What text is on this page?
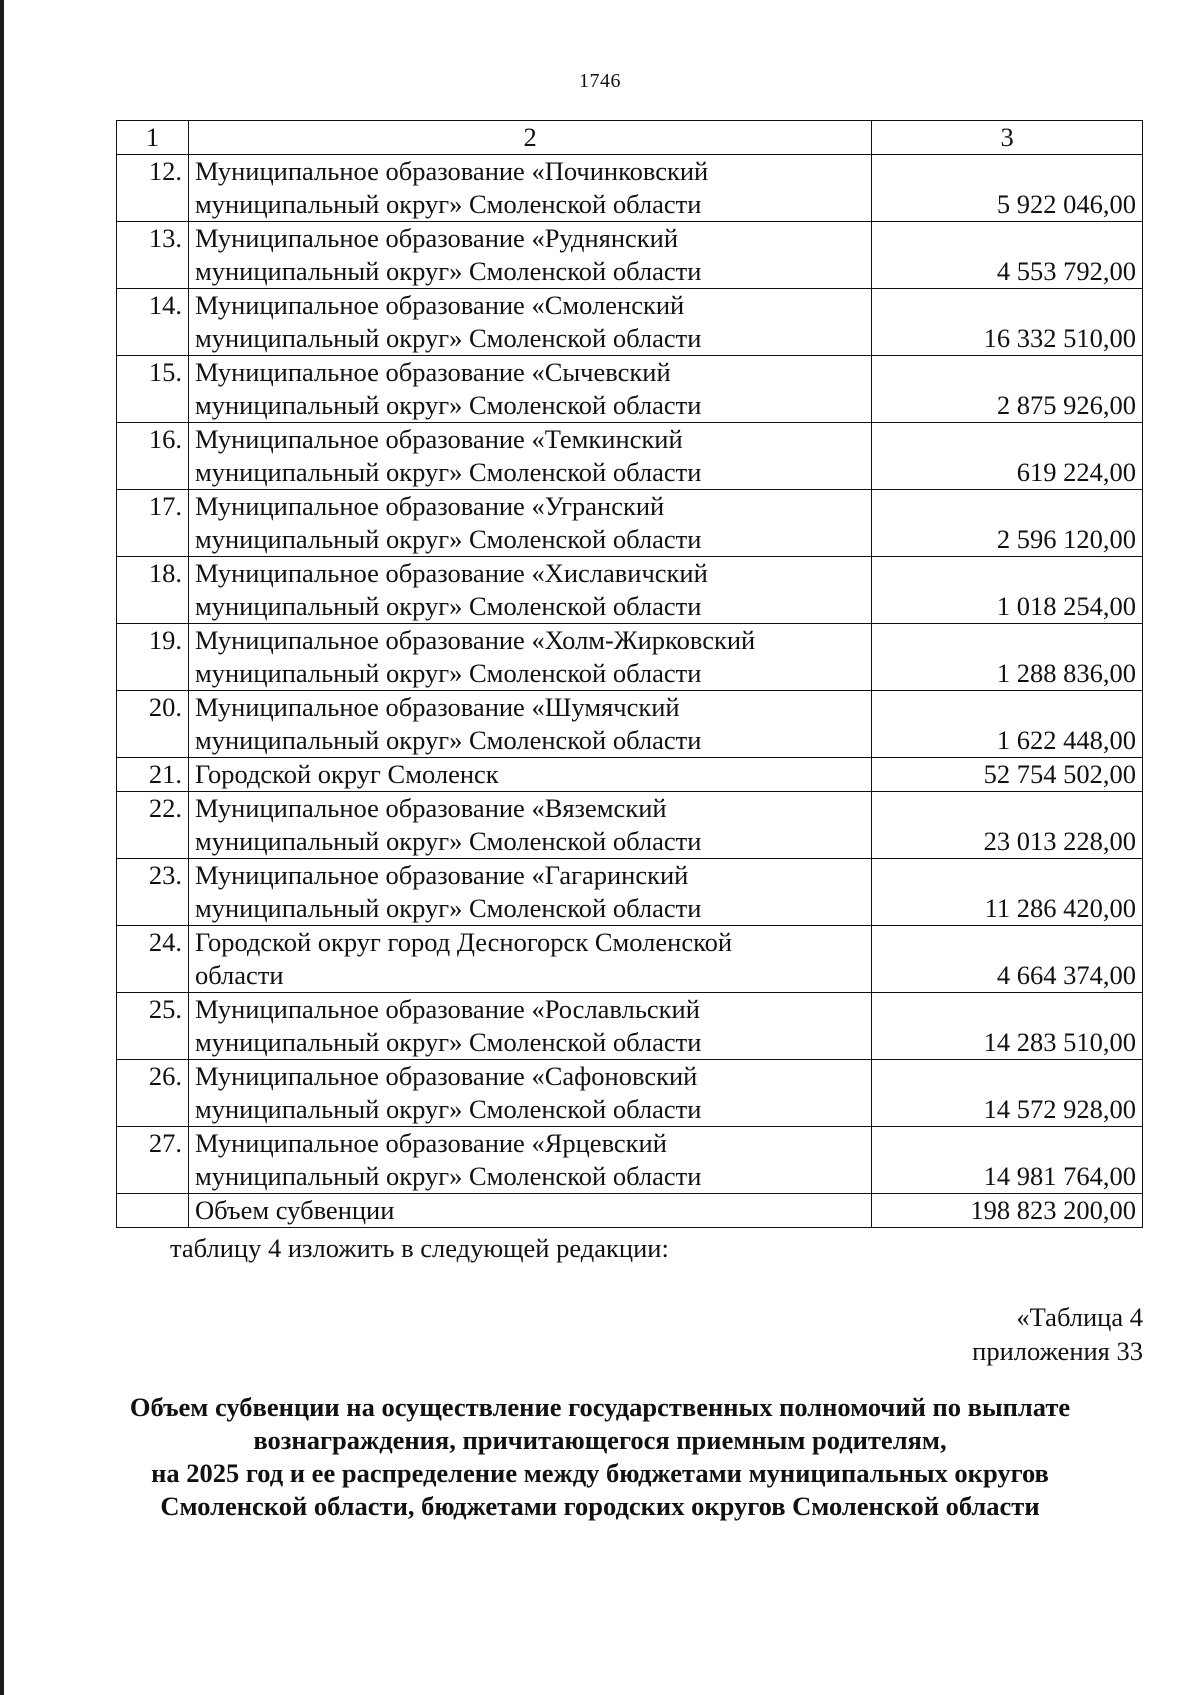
1746
1	2	3
12.	Муниципальное образование «Починковский
муниципальный округ» Смоленской области	5 922 046,00
13.	Муниципальное образование «Руднянский
муниципальный округ» Смоленской области	4 553 792,00
14.	Муниципальное образование «Смоленский
муниципальный округ» Смоленской области	16 332 510,00
15.	Муниципальное образование «Сычевский
муниципальный округ» Смоленской области	2 875 926,00
16.	Муниципальное образование «Темкинский
муниципальный округ» Смоленской области	619 224,00
17.	Муниципальное образование «Угранский
муниципальный округ» Смоленской области	2 596 120,00
18.	Муниципальное образование «Хиславичский
муниципальный округ» Смоленской области	1 018 254,00
19.	Муниципальное образование «Холм-Жирковский
муниципальный округ» Смоленской области	1 288 836,00
20.	Муниципальное образование «Шумячский
муниципальный округ» Смоленской области	1 622 448,00
21.	Городской округ Смоленск	52 754 502,00
22.	Муниципальное образование «Вяземский
муниципальный округ» Смоленской области	23 013 228,00
23.	Муниципальное образование «Гагаринский
муниципальный округ» Смоленской области	11 286 420,00
24.	Городской округ город Десногорск Смоленской
области	4 664 374,00
25.	Муниципальное образование «Рославльский
муниципальный округ» Смоленской области	14 283 510,00
26.	Муниципальное образование «Сафоновский
муниципальный округ» Смоленской области	14 572 928,00
27.	Муниципальное образование «Ярцевский
муниципальный округ» Смоленской области	14 981 764,00
	Объем субвенции	198 823 200,00
таблицу 4 изложить в следующей редакции:
«Таблица 4
приложения 33
Объем субвенции на осуществление государственных полномочий по выплате
вознаграждения, причитающегося приемным родителям,
на 2025 год и ее распределение между бюджетами муниципальных округов
Смоленской области, бюджетами городских округов Смоленской области
